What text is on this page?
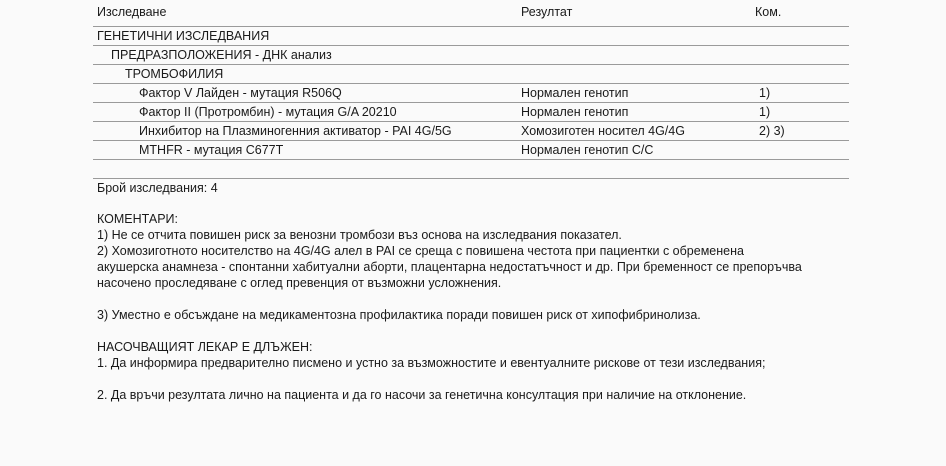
Изследване	Резултат	Ком.
ГЕНЕТИЧНИ ИЗСЛЕДВАНИЯ
ПРЕДРАЗПОЛОЖЕНИЯ - ДНК анализ
ТРОМБОФИЛИЯ
Фактор V Лайден - мутация R506Q	Нормален генотип	1)
Фактор II (Протромбин) - мутация G/A 20210	Нормален генотип	1)
Инхибитор на Плазминогенния активатор - PAI 4G/5G	Хомозиготен носител 4G/4G	2) 3)
MTHFR - мутация C677T	Нормален генотип C/C
Брой изследвания: 4

КОМЕНТАРИ:

1) Не се отчита повишен риск за венозни тромбози въз основа на изследвания показател.

2) Хомозиготното носителство на 4G/4G алел в PAI се среща с повишена честота при пациентки с обременена

акушерска анамнеза - спонтанни хабитуални аборти, плацентарна недостатъчност и др. При бременност се препоръчва

насочено проследяване с оглед превенция от възможни усложнения.

3) Уместно е обсъждане на медикаментозна профилактика поради повишен риск от хипофибринолиза.

НАСОЧВАЩИЯТ ЛЕКАР Е ДЛЪЖЕН:

1. Да информира предварително писмено и устно за възможностите и евентуалните рискове от тези изследвания;

2. Да връчи резултата лично на пациента и да го насочи за генетична консултация при наличие на отклонение.
